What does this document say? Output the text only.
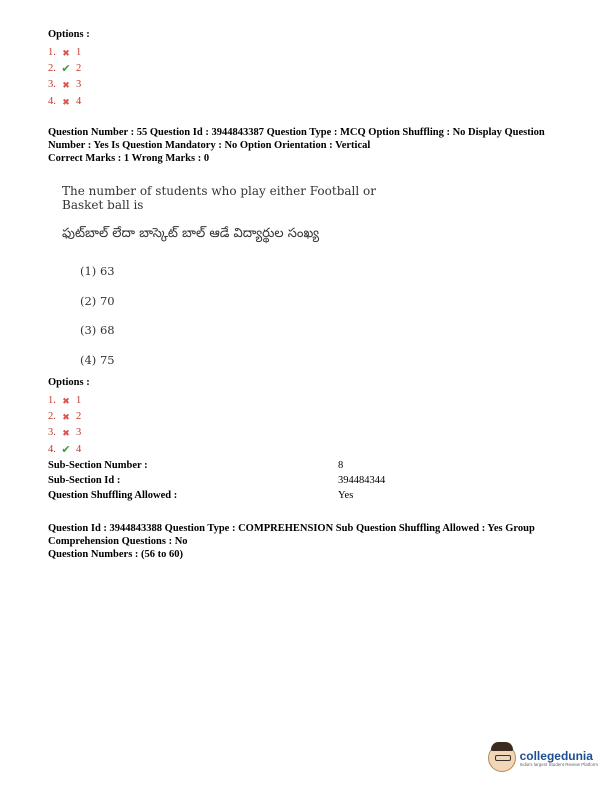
Options :
1. ✖ 1
2. ✔ 2
3. ✖ 3
4. ✖ 4
Question Number : 55 Question Id : 3944843387 Question Type : MCQ Option Shuffling : No Display Question
Number : Yes Is Question Mandatory : No Option Orientation : Vertical
Correct Marks : 1 Wrong Marks : 0
The number of students who play either Football or Basket ball is
ఫుట్‌బాల్ లేదా బాస్కెట్ బాల్ ఆడే విద్యార్థుల సంఖ్య
(1) 63
(2) 70
(3) 68
(4) 75
Options :
1. ✖ 1
2. ✖ 2
3. ✖ 3
4. ✔ 4
Sub-Section Number :	8
Sub-Section Id :	394484344
Question Shuffling Allowed :	Yes
Question Id : 3944843388 Question Type : COMPREHENSION Sub Question Shuffling Allowed : Yes Group
Comprehension Questions : No
Question Numbers : (56 to 60)
collegedunia
India's largest Student Review Platform
